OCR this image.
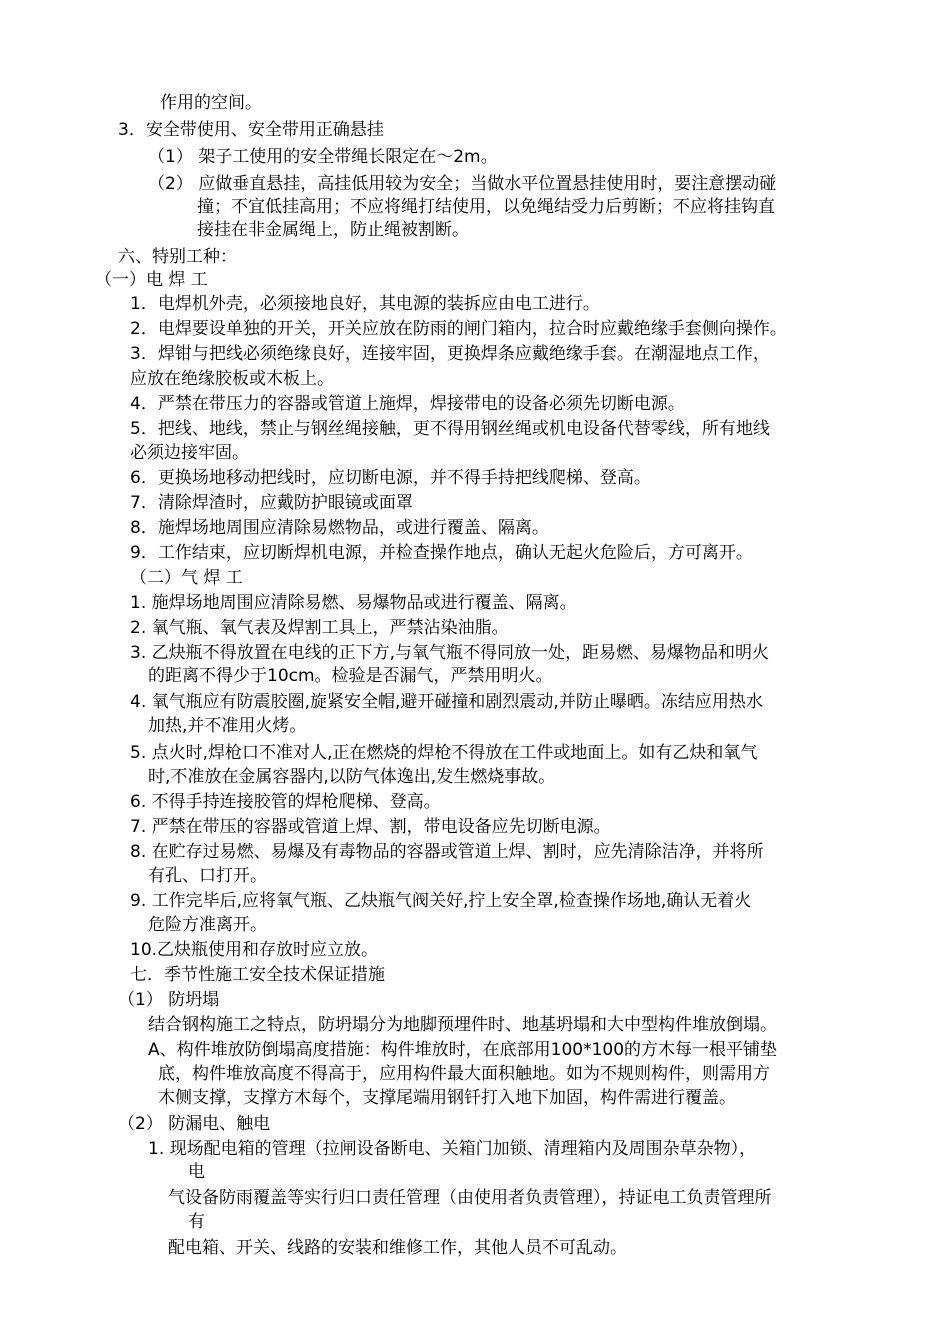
作用的空间。
3．安全带使用、安全带用正确悬挂
（1） 架子工使用的安全带绳长限定在～2m。
（2） 应做垂直悬挂，高挂低用较为安全；当做水平位置悬挂使用时，要注意摆动碰
撞；不宜低挂高用；不应将绳打结使用，以免绳结受力后剪断；不应将挂钩直
接挂在非金属绳上，防止绳被割断。
六、特别工种：
（一）电 焊 工
1．电焊机外壳，必须接地良好，其电源的装拆应由电工进行。
2．电焊要设单独的开关，开关应放在防雨的闸门箱内，拉合时应戴绝缘手套侧向操作。
3．焊钳与把线必须绝缘良好，连接牢固，更换焊条应戴绝缘手套。在潮湿地点工作，
应放在绝缘胶板或木板上。
4．严禁在带压力的容器或管道上施焊，焊接带电的设备必须先切断电源。
5．把线、地线，禁止与钢丝绳接触，更不得用钢丝绳或机电设备代替零线，所有地线
必须边接牢固。
6．更换场地移动把线时，应切断电源，并不得手持把线爬梯、登高。
7．清除焊渣时，应戴防护眼镜或面罩
8．施焊场地周围应清除易燃物品，或进行覆盖、隔离。
9．工作结束，应切断焊机电源，并检查操作地点，确认无起火危险后，方可离开。
（二）气 焊 工
1. 施焊场地周围应清除易燃、易爆物品或进行覆盖、隔离。
2. 氧气瓶、氧气表及焊割工具上，严禁沾染油脂。
3. 乙炔瓶不得放置在电线的正下方,与氧气瓶不得同放一处，距易燃、易爆物品和明火
的距离不得少于10cm。检验是否漏气，严禁用明火。
4. 氧气瓶应有防震胶圈,旋紧安全帽,避开碰撞和剧烈震动,并防止曝晒。冻结应用热水
加热,并不准用火烤。
5. 点火时,焊枪口不准对人,正在燃烧的焊枪不得放在工件或地面上。如有乙炔和氧气
时,不准放在金属容器内,以防气体逸出,发生燃烧事故。
6. 不得手持连接胶管的焊枪爬梯、登高。
7. 严禁在带压的容器或管道上焊、割，带电设备应先切断电源。
8. 在贮存过易燃、易爆及有毒物品的容器或管道上焊、割时，应先清除洁净，并将所
有孔、口打开。
9. 工作完毕后,应将氧气瓶、乙炔瓶气阀关好,拧上安全罩,检查操作场地,确认无着火
危险方准离开。
10.乙炔瓶使用和存放时应立放。
七．季节性施工安全技术保证措施
（1） 防坍塌
结合钢构施工之特点，防坍塌分为地脚预埋件时、地基坍塌和大中型构件堆放倒塌。
A、构件堆放防倒塌高度措施：构件堆放时，在底部用100*100的方木每一根平铺垫
底，构件堆放高度不得高于，应用构件最大面积触地。如为不规则构件，则需用方
木侧支撑，支撑方木每个，支撑尾端用钢钎打入地下加固，构件需进行覆盖。
（2） 防漏电、触电
1. 现场配电箱的管理（拉闸设备断电、关箱门加锁、清理箱内及周围杂草杂物），
电
气设备防雨覆盖等实行归口责任管理（由使用者负责管理），持证电工负责管理所
有
配电箱、开关、线路的安装和维修工作，其他人员不可乱动。
